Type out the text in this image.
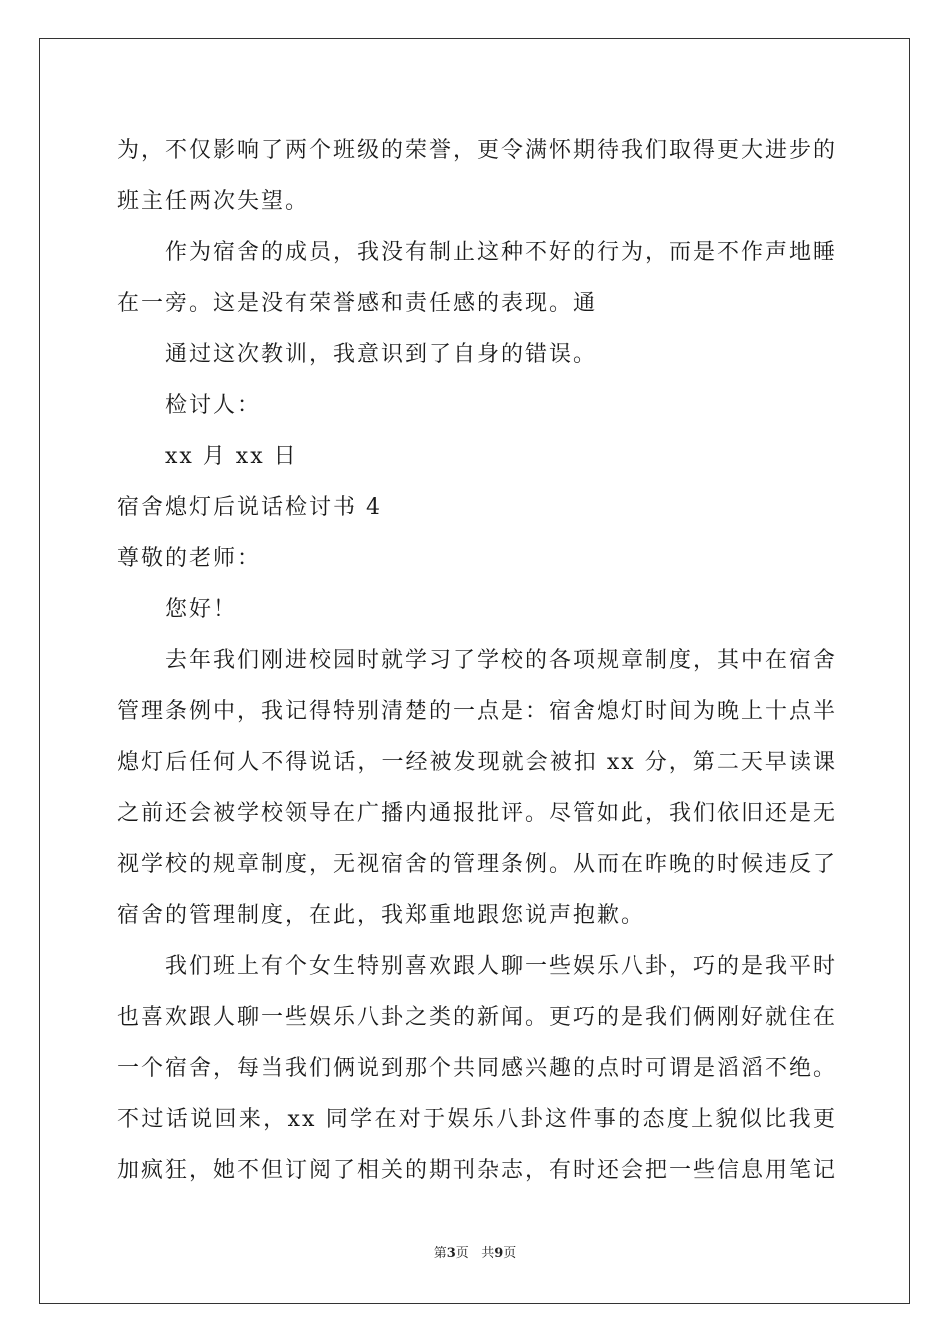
为，不仅影响了两个班级的荣誉，更令满怀期待我们取得更大进步的
班主任两次失望。
作为宿舍的成员，我没有制止这种不好的行为，而是不作声地睡
在一旁。这是没有荣誉感和责任感的表现。通
通过这次教训，我意识到了自身的错误。
检讨人：
xx 月 xx 日
宿舍熄灯后说话检讨书 4
尊敬的老师：
您好！
去年我们刚进校园时就学习了学校的各项规章制度，其中在宿舍
管理条例中，我记得特别清楚的一点是：宿舍熄灯时间为晚上十点半
熄灯后任何人不得说话，一经被发现就会被扣 xx 分，第二天早读课
之前还会被学校领导在广播内通报批评。尽管如此，我们依旧还是无
视学校的规章制度，无视宿舍的管理条例。从而在昨晚的时候违反了
宿舍的管理制度，在此，我郑重地跟您说声抱歉。
我们班上有个女生特别喜欢跟人聊一些娱乐八卦，巧的是我平时
也喜欢跟人聊一些娱乐八卦之类的新闻。更巧的是我们俩刚好就住在
一个宿舍，每当我们俩说到那个共同感兴趣的点时可谓是滔滔不绝。
不过话说回来，xx 同学在对于娱乐八卦这件事的态度上貌似比我更
加疯狂，她不但订阅了相关的期刊杂志，有时还会把一些信息用笔记
第3页 共9页
